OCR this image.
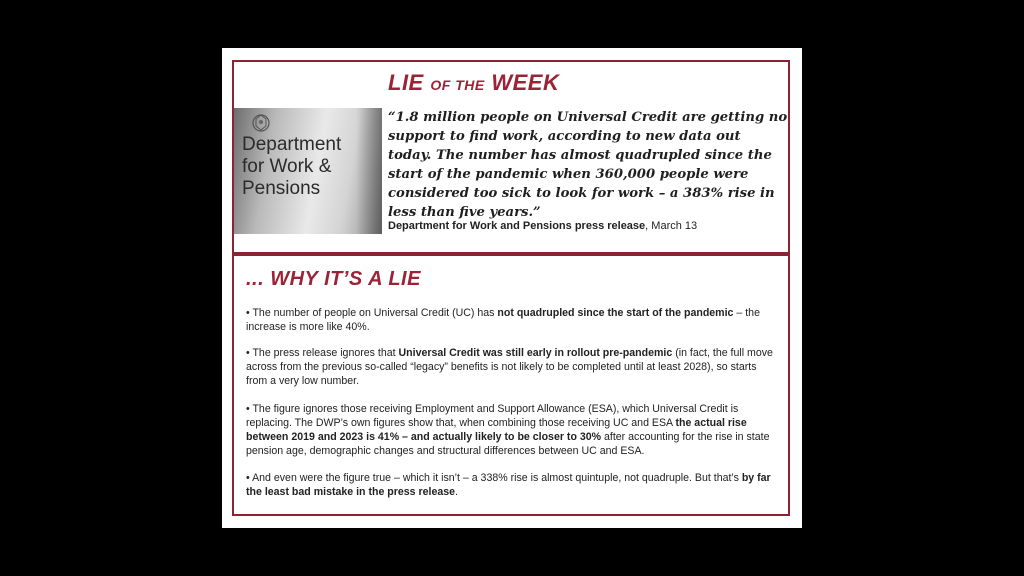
LIE OF THE WEEK
Department
for Work &
Pensions

“1.8 million people on Universal Credit are getting no support to find work, according to new data out today. The number has almost quadrupled since the start of the pandemic when 360,000 people were considered too sick to look for work – a 383% rise in less than five years.”

Department for Work and Pensions press release, March 13
... WHY IT’S A LIE

• The number of people on Universal Credit (UC) has not quadrupled since the start of the pandemic – the increase is more like 40%.

• The press release ignores that Universal Credit was still early in rollout pre-pandemic (in fact, the full move across from the previous so-called “legacy” benefits is not likely to be completed until at least 2028), so starts from a very low number.

• The figure ignores those receiving Employment and Support Allowance (ESA), which Universal Credit is replacing. The DWP’s own figures show that, when combining those receiving UC and ESA the actual rise between 2019 and 2023 is 41% – and actually likely to be closer to 30% after accounting for the rise in state pension age, demographic changes and structural differences between UC and ESA.

• And even were the figure true – which it isn’t – a 338% rise is almost quintuple, not quadruple. But that’s by far the least bad mistake in the press release.
